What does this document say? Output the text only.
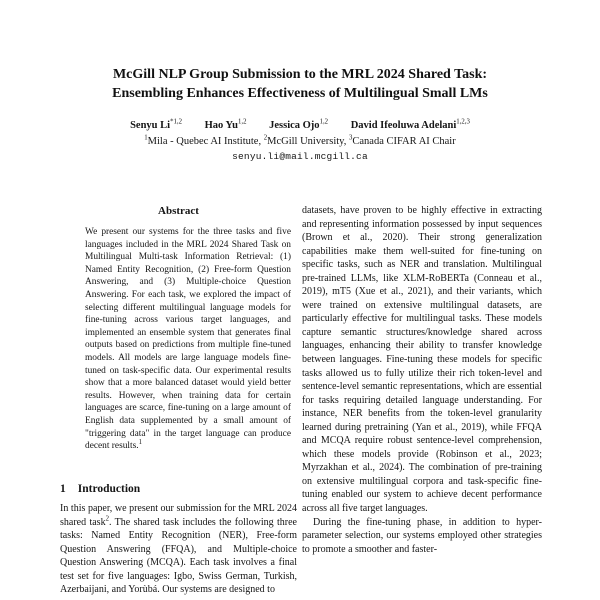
McGill NLP Group Submission to the MRL 2024 Shared Task:
Ensembling Enhances Effectiveness of Multilingual Small LMs
Senyu Li$^{*1,2}$ Hao Yu$^{1,2}$ Jessica Ojo$^{1,2}$ David Ifeoluwa Adelani$^{1,2,3}$
$^1$Mila - Quebec AI Institute, $^2$McGill University, $^3$Canada CIFAR AI Chair
senyu.li@mail.mcgill.ca
Abstract
We present our systems for the three tasks and five languages included in the MRL 2024 Shared Task on Multilingual Multi-task Information Retrieval: (1) Named Entity Recognition, (2) Free-form Question Answering, and (3) Multiple-choice Question Answering. For each task, we explored the impact of selecting different multilingual language models for fine-tuning across various target languages, and implemented an ensemble system that generates final outputs based on predictions from multiple fine-tuned models. All models are large language models fine-tuned on task-specific data. Our experimental results show that a more balanced dataset would yield better results. However, when training data for certain languages are scarce, fine-tuning on a large amount of English data supplemented by a small amount of "triggering data" in the target language can produce decent results.$^1$
1 Introduction
In this paper, we present our submission for the MRL 2024 shared task$^2$. The shared task includes the following three tasks: Named Entity Recognition (NER), Free-form Question Answering (FFQA), and Multiple-choice Question Answering (MCQA). Each task involves a final test set for five languages: Igbo, Swiss German, Turkish, Azerbaijani, and Yorùbá. Our systems are designed to

datasets, have proven to be highly effective in extracting and representing information possessed by input sequences (Brown et al., 2020). Their strong generalization capabilities make them well-suited for fine-tuning on specific tasks, such as NER and translation. Multilingual pre-trained LLMs, like XLM-RoBERTa (Conneau et al., 2019), mT5 (Xue et al., 2021), and their variants, which were trained on extensive multilingual datasets, are particularly effective for multilingual tasks. These models capture semantic structures/knowledge shared across languages, enhancing their ability to transfer knowledge between languages. Fine-tuning these models for specific tasks allowed us to fully utilize their rich token-level and sentence-level semantic representations, which are essential for tasks requiring detailed language understanding. For instance, NER benefits from the token-level granularity learned during pretraining (Yan et al., 2019), while FFQA and MCQA require robust sentence-level comprehension, which these models provide (Robinson et al., 2023; Myrzakhan et al., 2024). The combination of pre-training on extensive multilingual corpora and task-specific fine-tuning enabled our system to achieve decent performance across all five target languages.

During the fine-tuning phase, in addition to hyper-parameter selection, our systems employed other strategies to promote a smoother and faster-
